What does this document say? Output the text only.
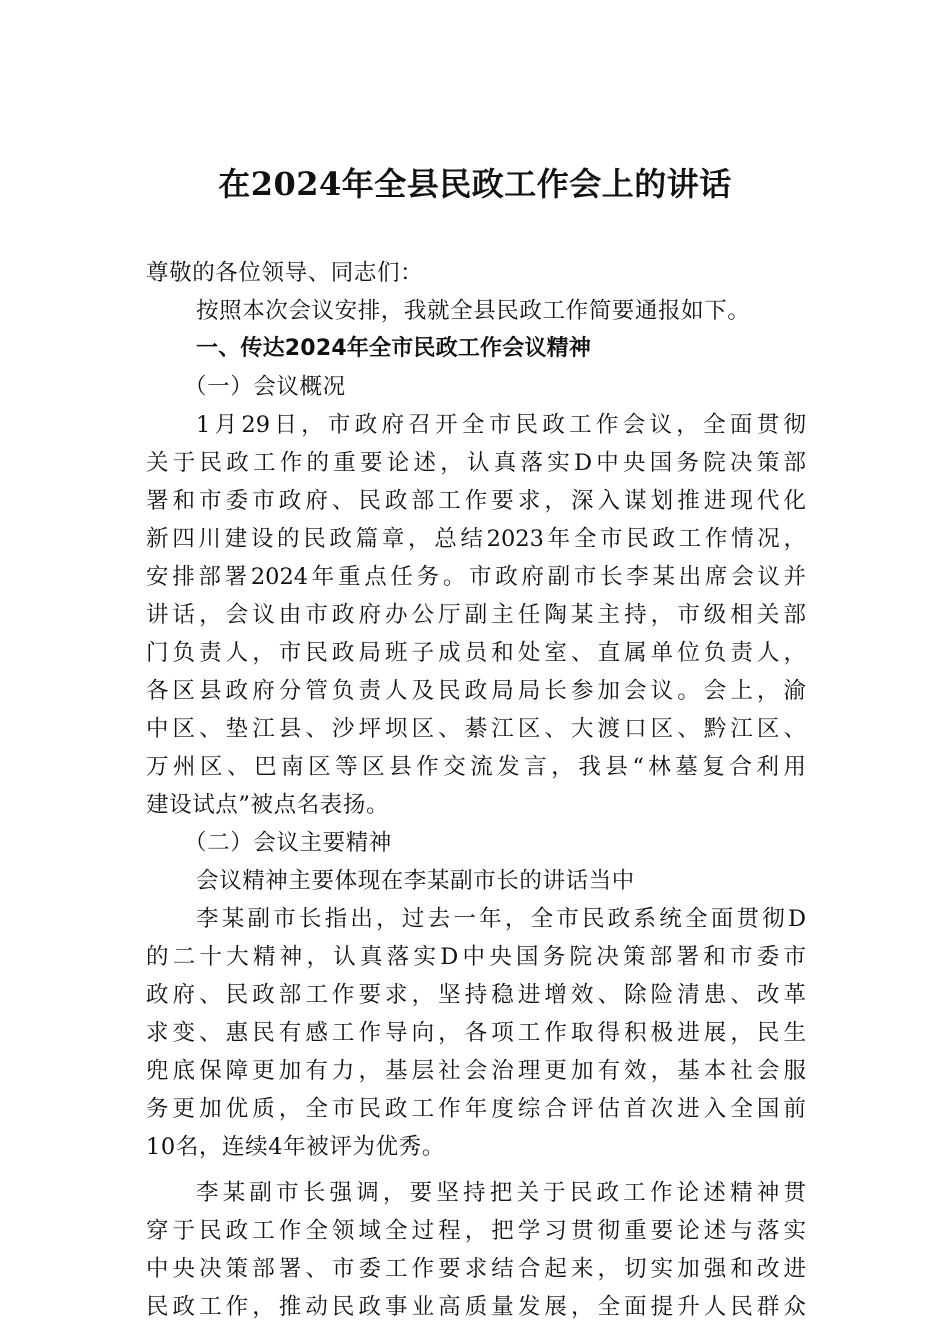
在2024年全县民政工作会上的讲话
尊敬的各位领导、同志们：
按照本次会议安排，我就全县民政工作简要通报如下。
一、传达2024年全市民政工作会议精神
（一）会议概况
1月29日，市政府召开全市民政工作会议，全面贯彻
关于民政工作的重要论述，认真落实D中央国务院决策部
署和市委市政府、民政部工作要求，深入谋划推进现代化
新四川建设的民政篇章，总结2023年全市民政工作情况，
安排部署2024年重点任务。市政府副市长李某出席会议并
讲话，会议由市政府办公厅副主任陶某主持，市级相关部
门负责人，市民政局班子成员和处室、直属单位负责人，
各区县政府分管负责人及民政局局长参加会议。会上，渝
中区、垫江县、沙坪坝区、綦江区、大渡口区、黔江区、
万州区、巴南区等区县作交流发言，我县“林墓复合利用
建设试点”被点名表扬。
（二）会议主要精神
会议精神主要体现在李某副市长的讲话当中
李某副市长指出，过去一年，全市民政系统全面贯彻D
的二十大精神，认真落实D中央国务院决策部署和市委市
政府、民政部工作要求，坚持稳进增效、除险清患、改革
求变、惠民有感工作导向，各项工作取得积极进展，民生
兜底保障更加有力，基层社会治理更加有效，基本社会服
务更加优质，全市民政工作年度综合评估首次进入全国前
10名，连续4年被评为优秀。
李某副市长强调，要坚持把关于民政工作论述精神贯
穿于民政工作全领域全过程，把学习贯彻重要论述与落实
中央决策部署、市委工作要求结合起来，切实加强和改进
民政工作，推动民政事业高质量发展，全面提升人民群众
